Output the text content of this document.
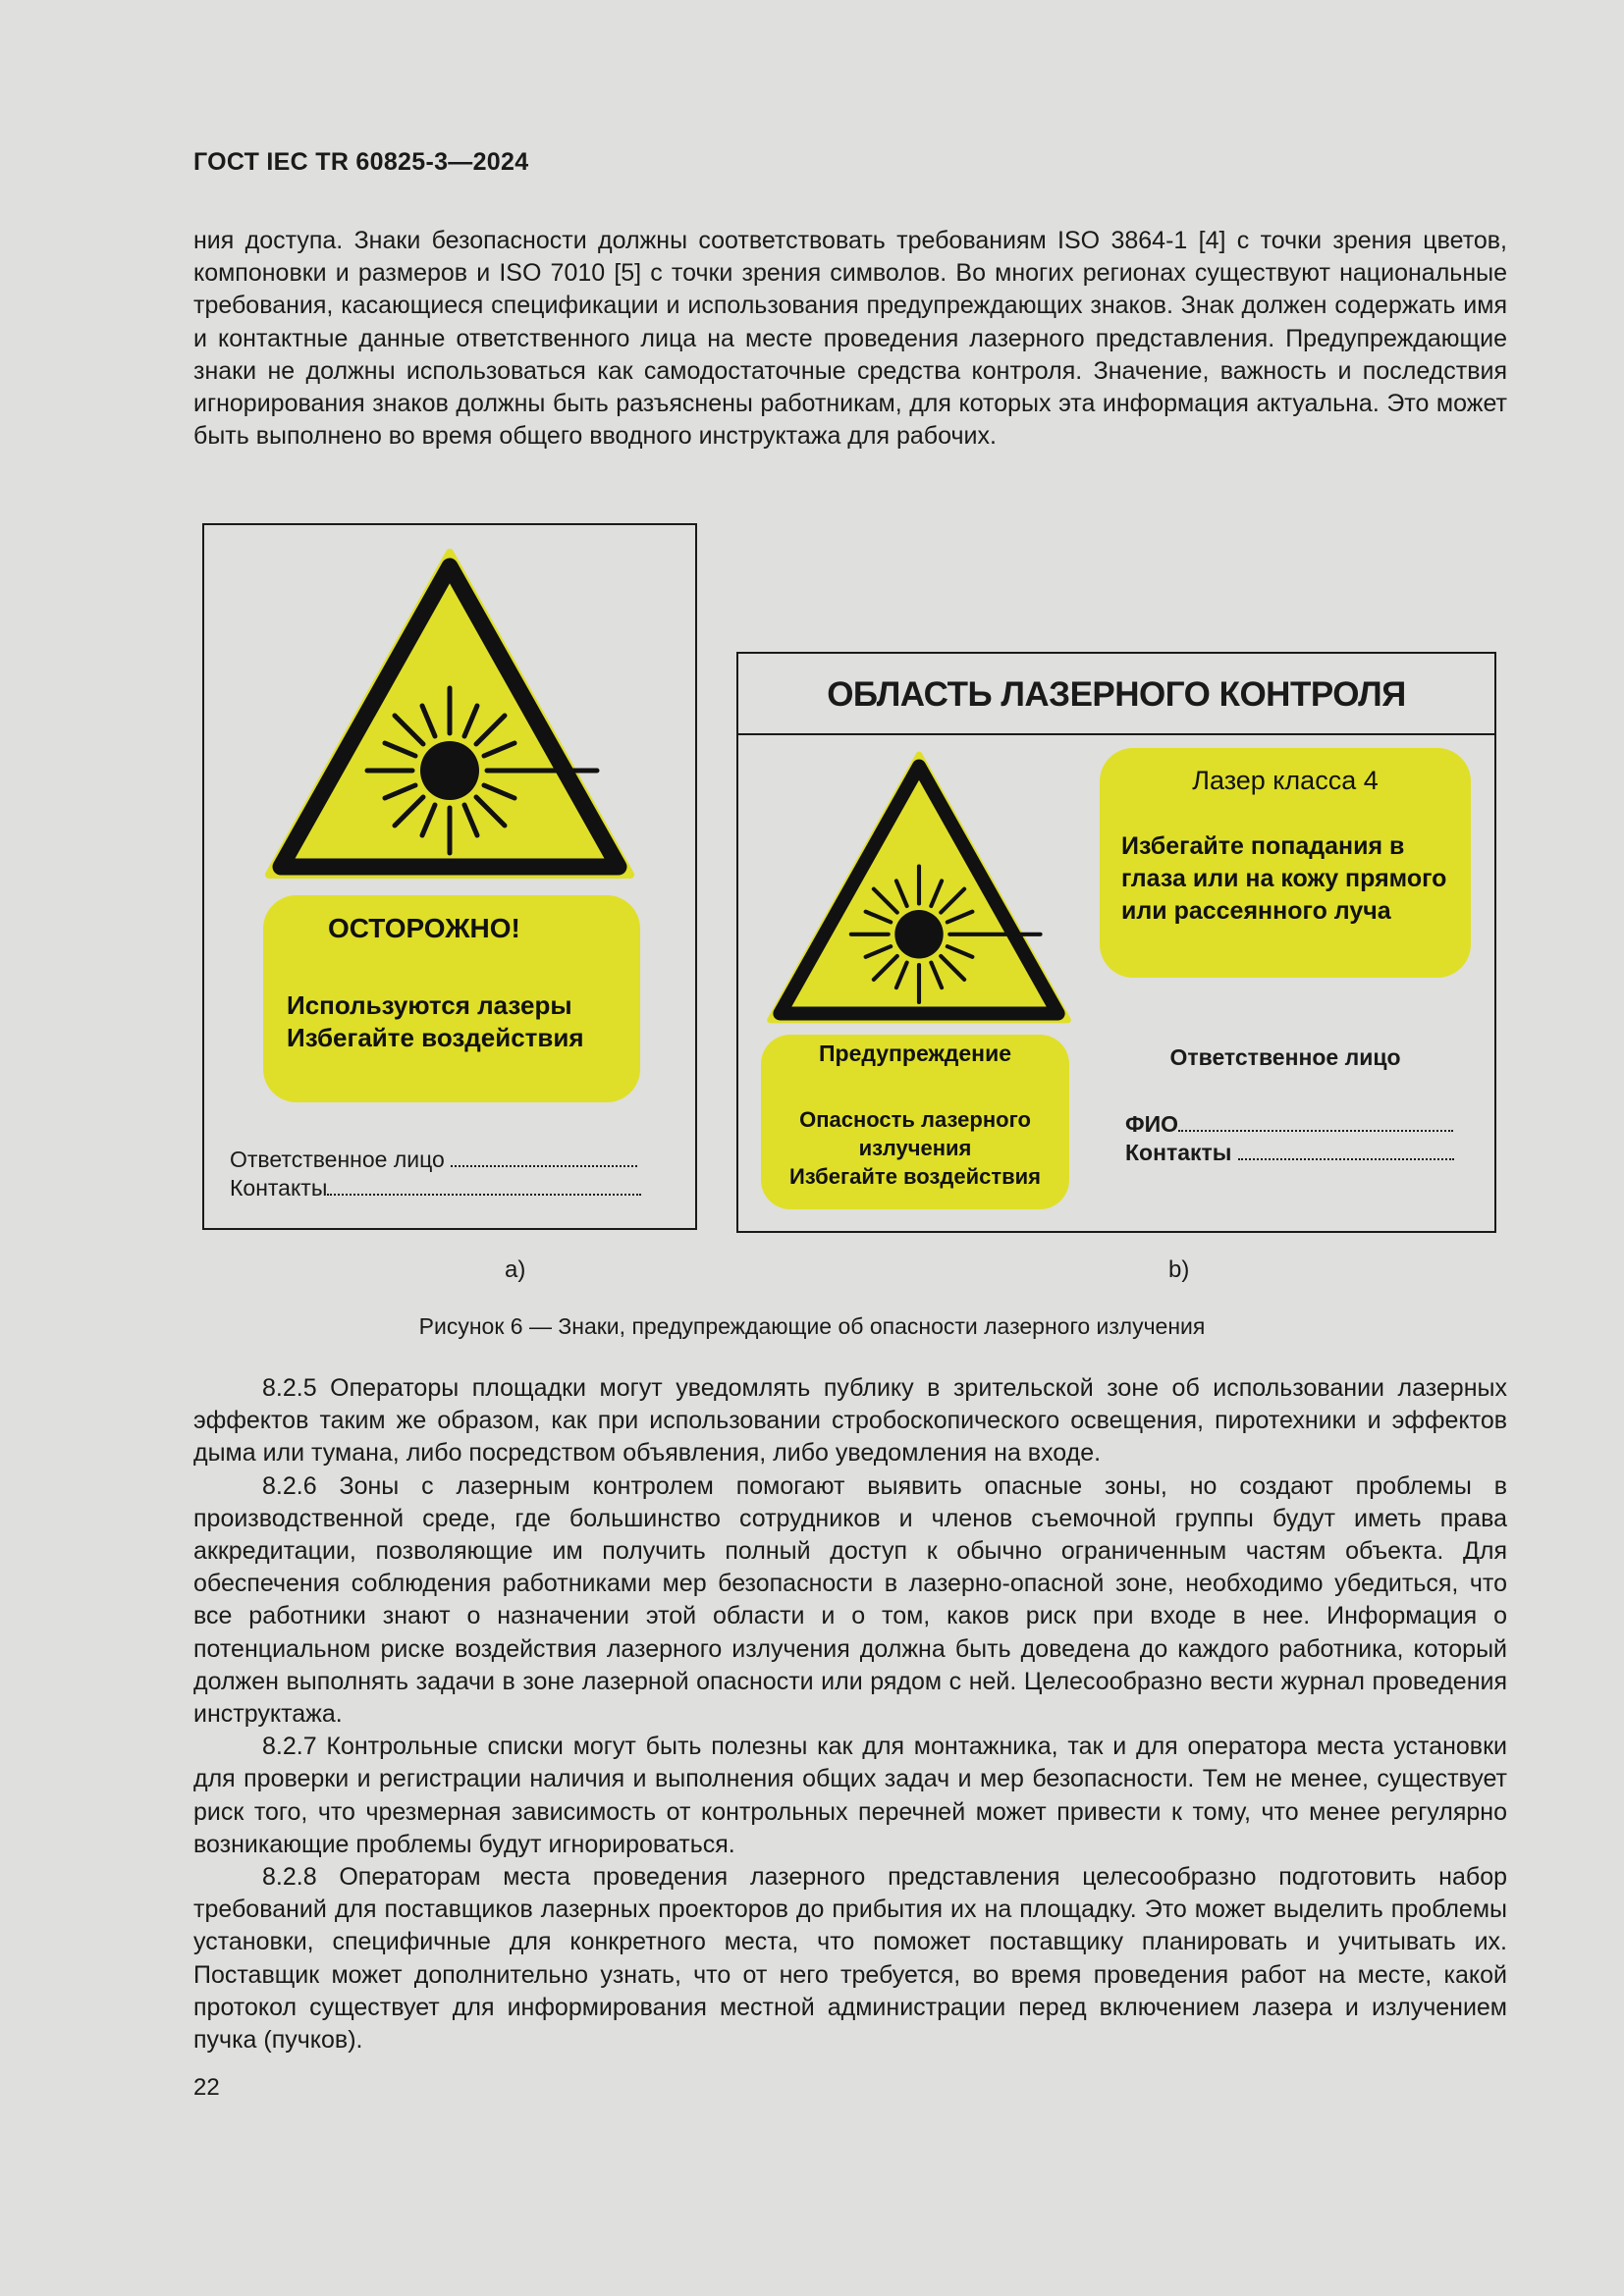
ГОСТ IEC TR 60825-3—2024

ния доступа. Знаки безопасности должны соответствовать требованиям ISO 3864-1 [4] с точки зрения цветов, компоновки и размеров и ISO 7010 [5] с точки зрения символов. Во многих регионах существуют национальные требования, касающиеся спецификации и использования предупреждающих знаков. Знак должен содержать имя и контактные данные ответственного лица на месте проведения лазерного представления. Предупреждающие знаки не должны использоваться как самодостаточные средства контроля. Значение, важность и последствия игнорирования знаков должны быть разъяснены работникам, для которых эта информация актуальна. Это может быть выполнено во время общего вводного инструктажа для рабочих.

ОСТОРОЖНО!
Используются лазеры
Избегайте воздействия
Ответственное лицо
Контакты
ОБЛАСТЬ ЛАЗЕРНОГО КОНТРОЛЯ
Лазер класса 4
Избегайте попадания в
глаза или на кожу прямого
или рассеянного луча
Предупреждение
Опасность лазерного
излучения
Избегайте воздействия
Ответственное лицо
ФИО
Контакты
a)	b)
Рисунок 6 — Знаки, предупреждающие об опасности лазерного излучения

8.2.5 Операторы площадки могут уведомлять публику в зрительской зоне об использовании лазерных эффектов таким же образом, как при использовании стробоскопического освещения, пиротехники и эффектов дыма или тумана, либо посредством объявления, либо уведомления на входе.

8.2.6 Зоны с лазерным контролем помогают выявить опасные зоны, но создают проблемы в производственной среде, где большинство сотрудников и членов съемочной группы будут иметь права аккредитации, позволяющие им получить полный доступ к обычно ограниченным частям объекта. Для обеспечения соблюдения работниками мер безопасности в лазерно-опасной зоне, необходимо убедиться, что все работники знают о назначении этой области и о том, каков риск при входе в нее. Информация о потенциальном риске воздействия лазерного излучения должна быть доведена до каждого работника, который должен выполнять задачи в зоне лазерной опасности или рядом с ней. Целесообразно вести журнал проведения инструктажа.

8.2.7 Контрольные списки могут быть полезны как для монтажника, так и для оператора места установки для проверки и регистрации наличия и выполнения общих задач и мер безопасности. Тем не менее, существует риск того, что чрезмерная зависимость от контрольных перечней может привести к тому, что менее регулярно возникающие проблемы будут игнорироваться.

8.2.8 Операторам места проведения лазерного представления целесообразно подготовить набор требований для поставщиков лазерных проекторов до прибытия их на площадку. Это может выделить проблемы установки, специфичные для конкретного места, что поможет поставщику планировать и учитывать их. Поставщик может дополнительно узнать, что от него требуется, во время проведения работ на месте, какой протокол существует для информирования местной администрации перед включением лазера и излучением пучка (пучков).

22
